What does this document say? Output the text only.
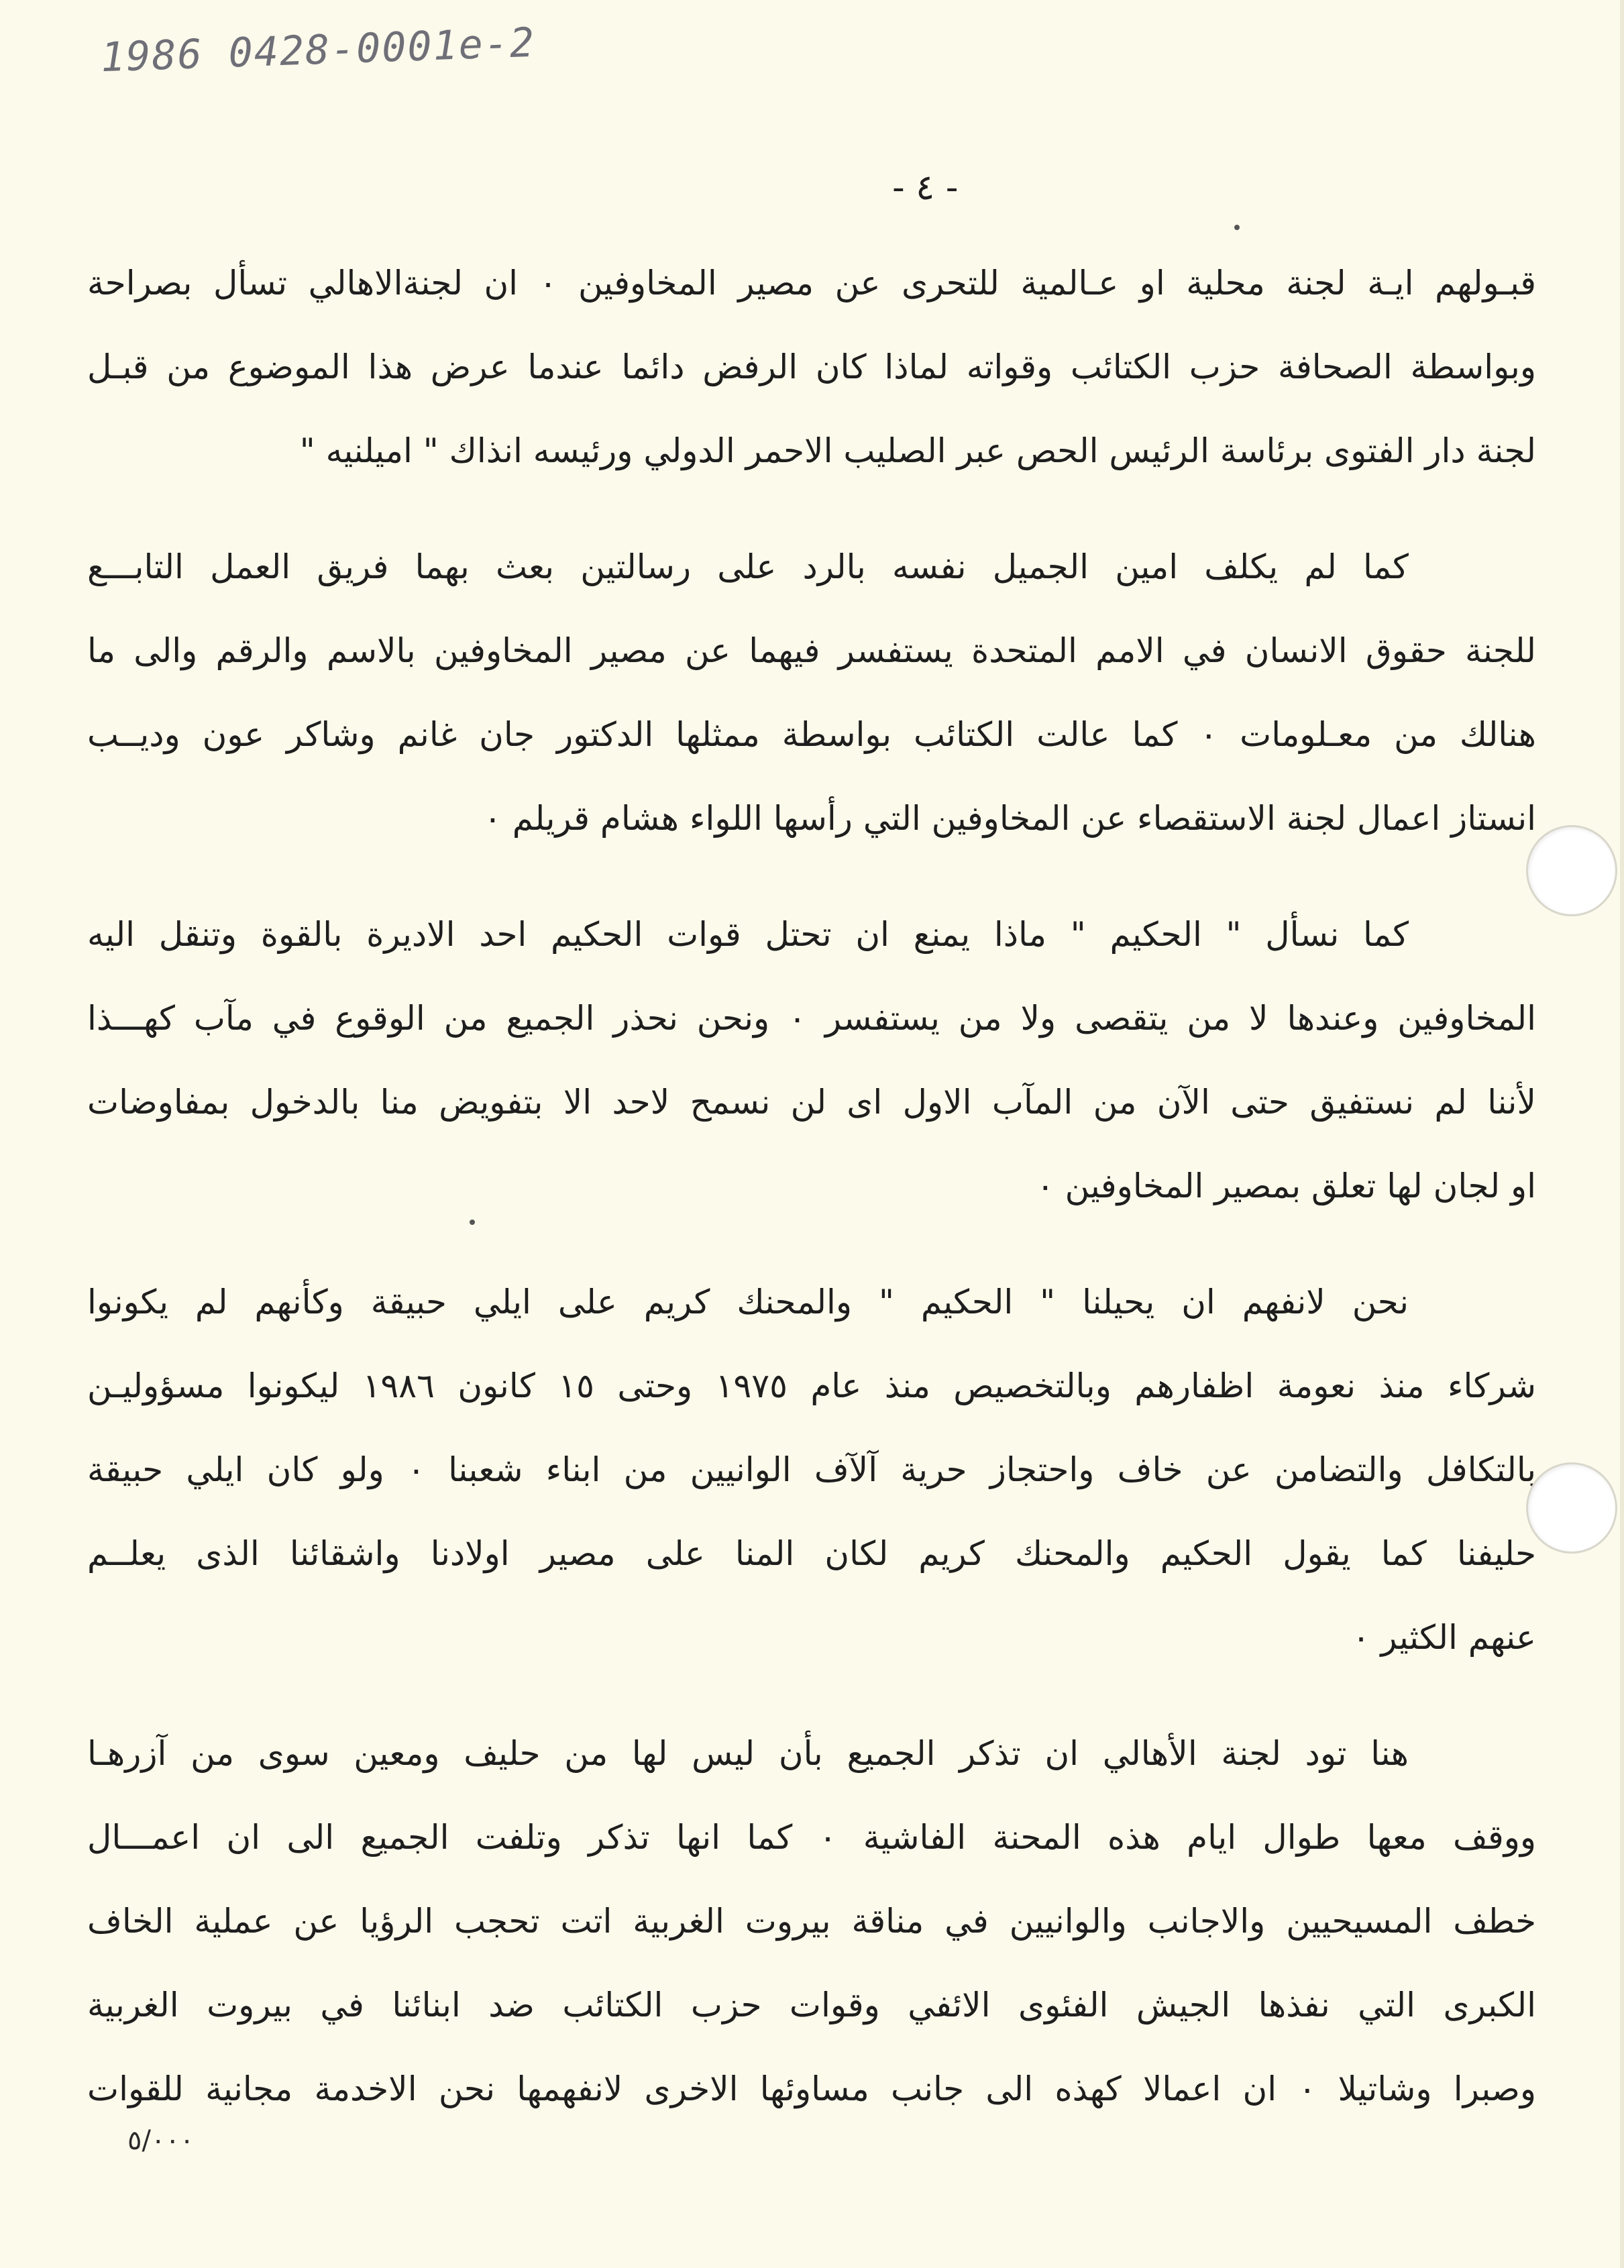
1986 0428-0001e-2
- ٤ -
قبـولهم ايـة لجنة محلية او عـالمية للتحرى عن مصير المخاوفين ٠ ان لجنةالاهالي تسأل بصراحة
وبواسطة الصحافة حزب الكتائب وقواته لماذا كان الرفض دائما عندما عرض هذا الموضوع من قبـل
لجنة دار الفتوى برئاسة الرئيس الحص عبر الصليب الاحمر الدولي ورئيسه انذاك " اميلنيه "
كما لم يكلف امين الجميل نفسه بالرد على رسالتين بعث بهما فريق العمل التابـــع
للجنة حقوق الانسان في الامم المتحدة يستفسر فيهما عن مصير المخاوفين بالاسم والرقم والى ما
هنالك من معـلومات ٠ كما عالت الكتائب بواسطة ممثلها الدكتور جان غانم وشاكر عون وديــب
انستاز اعمال لجنة الاستقصاء عن المخاوفين التي رأسها اللواء هشام قريلم ٠
كما نسأل " الحكيم " ماذا يمنع ان تحتل قوات الحكيم احد الاديرة بالقوة وتنقل اليه
المخاوفين وعندها لا من يتقصى ولا من يستفسر ٠ ونحن نحذر الجميع من الوقوع في مآب كهـــذا
لأننا لم نستفيق حتى الآن من المآب الاول اى لن نسمح لاحد الا بتفويض منا بالدخول بمفاوضات
او لجان لها تعلق بمصير المخاوفين ٠
نحن لانفهم ان يحيلنا " الحكيم " والمحنك كريم على ايلي حبيقة وكأنهم لم يكونوا
شركاء منذ نعومة اظفارهم وبالتخصيص منذ عام ١٩٧٥ وحتى ١٥ كانون ١٩٨٦ ليكونوا مسؤوليـن
بالتكافل والتضامن عن خاف واحتجاز حرية آلآف الوانيين من ابناء شعبنا ٠ ولو كان ايلي حبيقة
حليفنا كما يقول الحكيم والمحنك كريم لكان المنا على مصير اولادنا واشقائنا الذى يعلــم
عنهم الكثير ٠
هنا تود لجنة الأهالي ان تذكر الجميع بأن ليس لها من حليف ومعين سوى من آزرهـا
ووقف معها طوال ايام هذه المحنة الفاشية ٠ كما انها تذكر وتلفت الجميع الى ان اعمـــال
خطف المسيحيين والاجانب والوانيين في مناقة بيروت الغربية اتت تحجب الرؤيا عن عملية الخاف
الكبرى التي نفذها الجيش الفئوى الائفي وقوات حزب الكتائب ضد ابنائنا في بيروت الغربية
وصبرا وشاتيلا ٠ ان اعمالا كهذه الى جانب مساوئها الاخرى لانفهمها نحن الاخدمة مجانية للقوات
٥/٠٠٠
